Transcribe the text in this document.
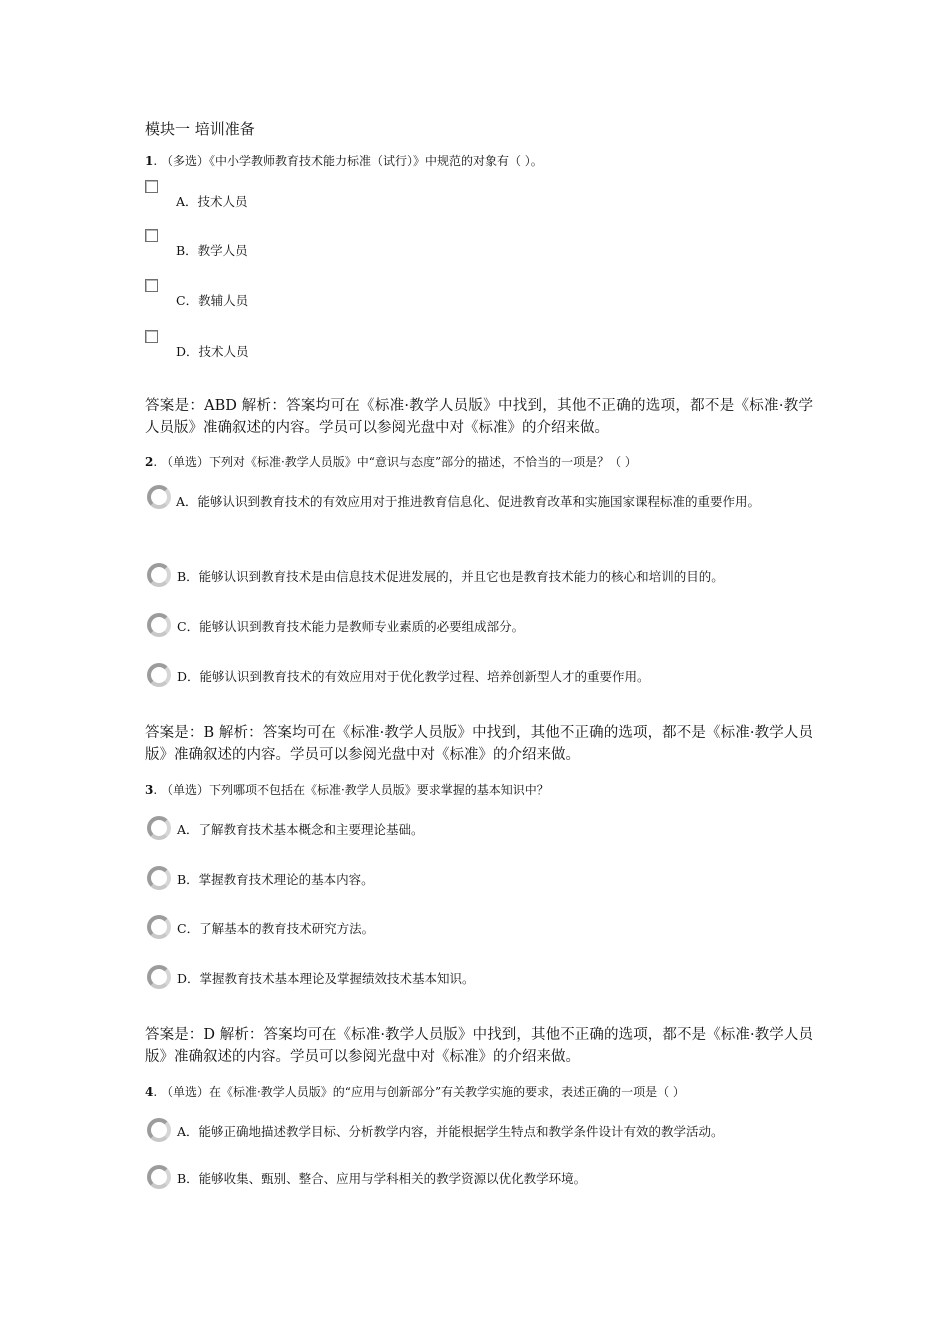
模块一 培训准备
1. （多选）《中小学教师教育技术能力标准（试行）》中规范的对象有（ ）。
A．技术人员
B．教学人员
C．教辅人员
D．技术人员
答案是：ABD 解析：答案均可在《标准·教学人员版》中找到，其他不正确的选项，都不是《标准·教学人员版》准确叙述的内容。学员可以参阅光盘中对《标准》的介绍来做。
2. （单选）下列对《标准·教学人员版》中“意识与态度”部分的描述，不恰当的一项是？（ ）
A．能够认识到教育技术的有效应用对于推进教育信息化、促进教育改革和实施国家课程标准的重要作用。
B．能够认识到教育技术是由信息技术促进发展的，并且它也是教育技术能力的核心和培训的目的。
C．能够认识到教育技术能力是教师专业素质的必要组成部分。
D．能够认识到教育技术的有效应用对于优化教学过程、培养创新型人才的重要作用。
答案是：B 解析：答案均可在《标准·教学人员版》中找到，其他不正确的选项，都不是《标准·教学人员版》准确叙述的内容。学员可以参阅光盘中对《标准》的介绍来做。
3. （单选）下列哪项不包括在《标准·教学人员版》要求掌握的基本知识中？
A．了解教育技术基本概念和主要理论基础。
B．掌握教育技术理论的基本内容。
C．了解基本的教育技术研究方法。
D．掌握教育技术基本理论及掌握绩效技术基本知识。
答案是：D 解析：答案均可在《标准·教学人员版》中找到，其他不正确的选项，都不是《标准·教学人员版》准确叙述的内容。学员可以参阅光盘中对《标准》的介绍来做。
4. （单选）在《标准·教学人员版》的“应用与创新部分”有关教学实施的要求，表述正确的一项是（ ）
A．能够正确地描述教学目标、分析教学内容，并能根据学生特点和教学条件设计有效的教学活动。
B．能够收集、甄别、整合、应用与学科相关的教学资源以优化教学环境。
